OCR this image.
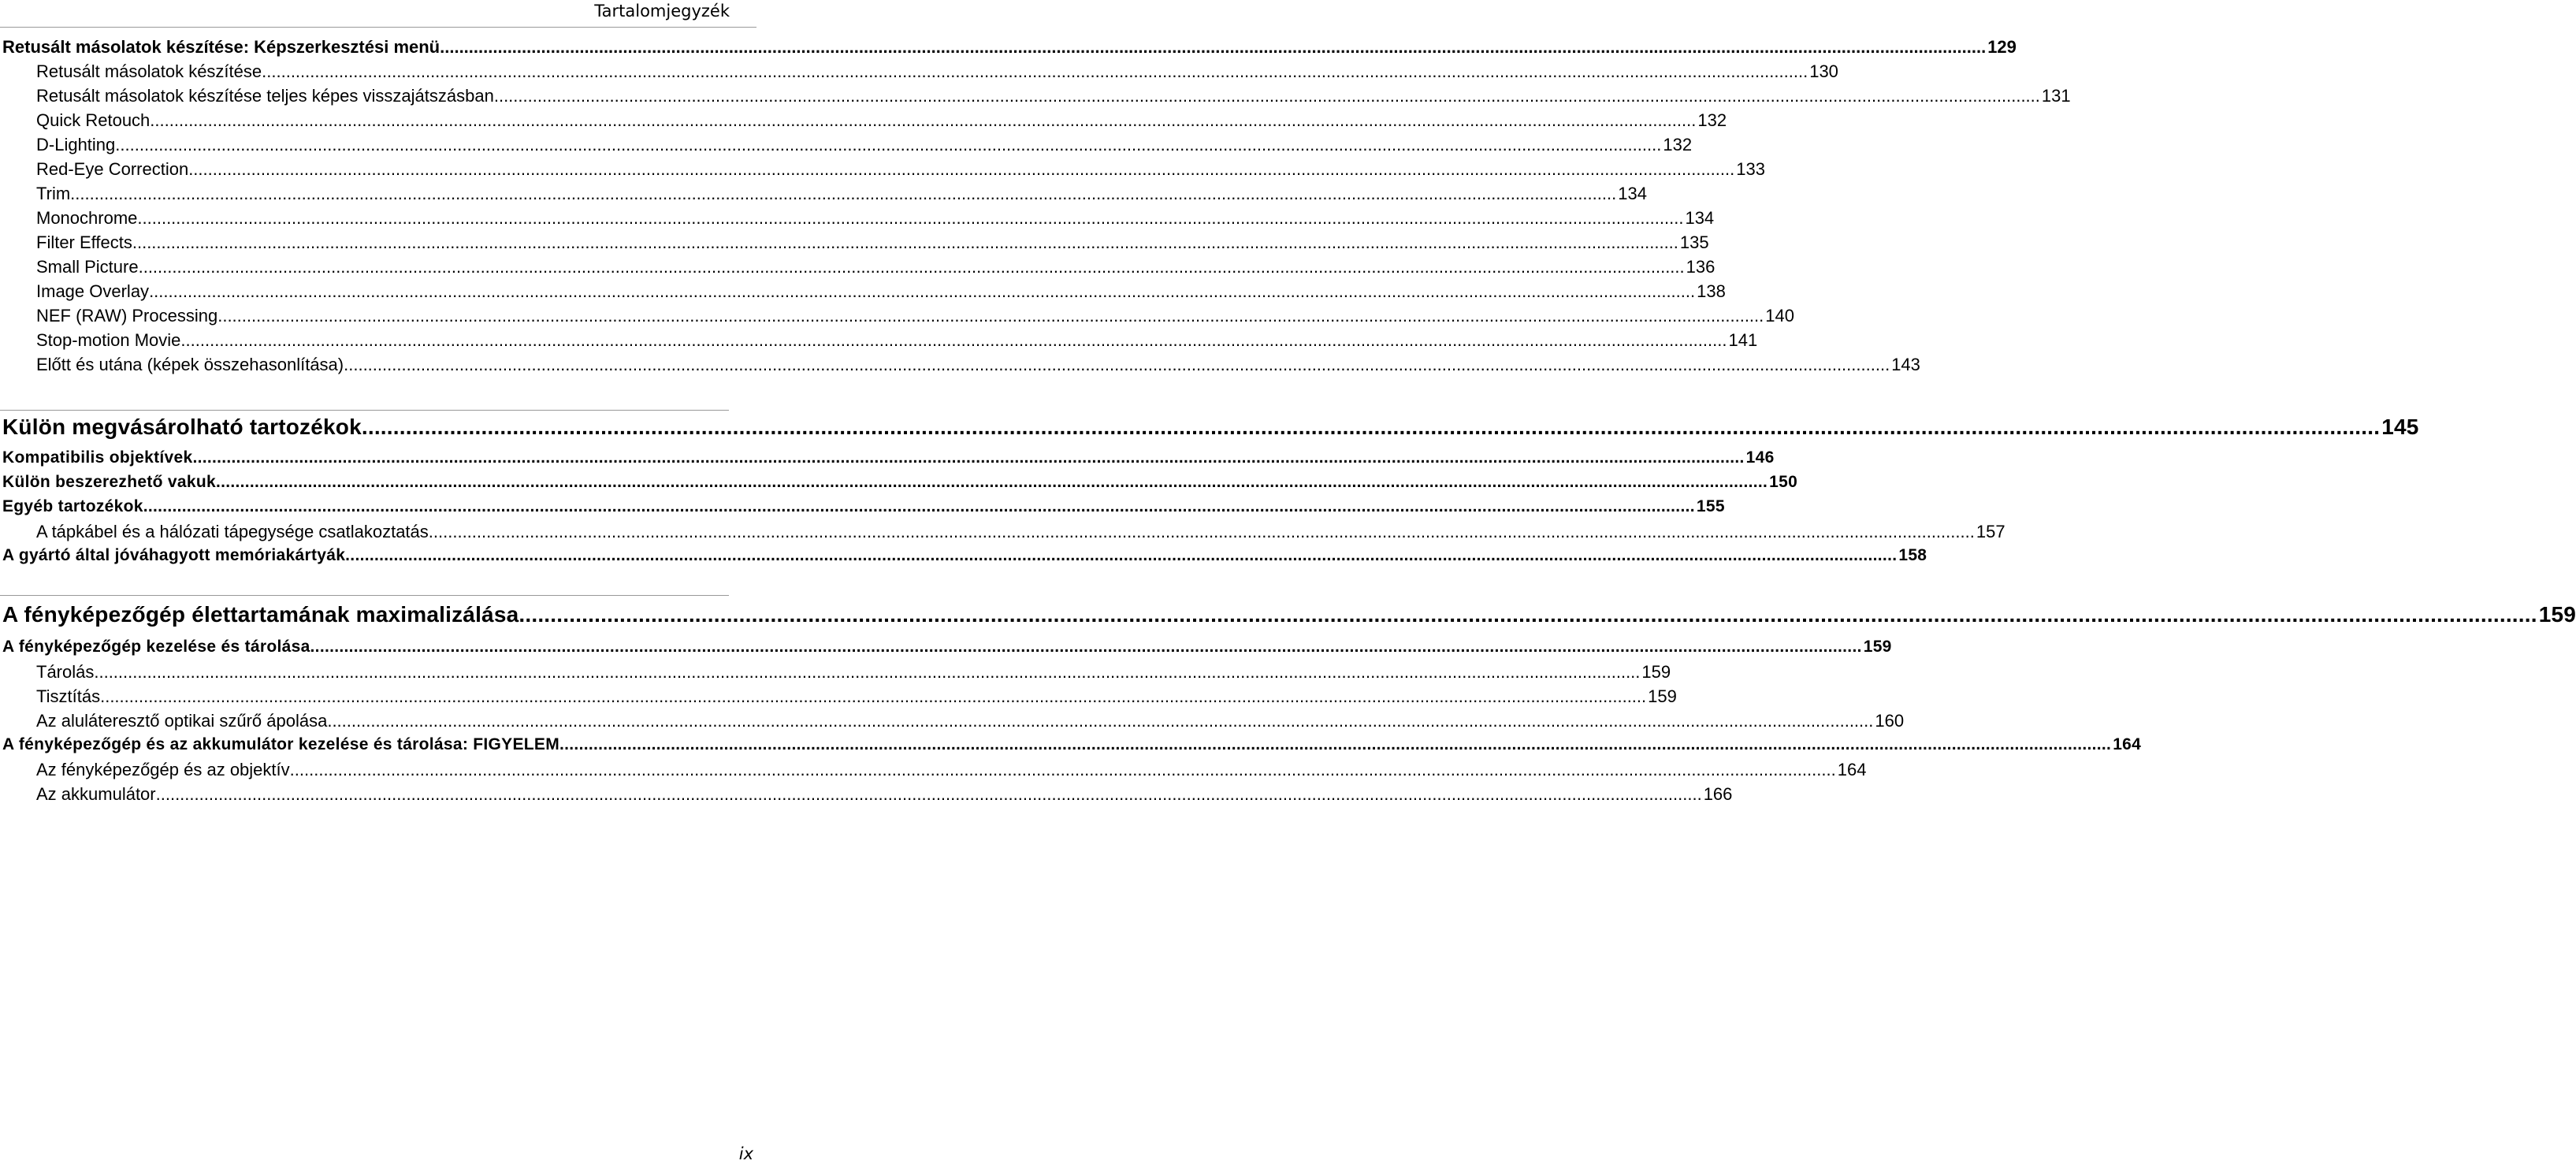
Tartalomjegyzék
Retusált másolatok készítése: Képszerkesztési menü .....	129
Retusált másolatok készítése .....	130
Retusált másolatok készítése teljes képes visszajátszásban .....	131
Quick Retouch .....	132
D-Lighting .....	132
Red-Eye Correction .....	133
Trim .....	134
Monochrome .....	134
Filter Effects .....	135
Small Picture .....	136
Image Overlay .....	138
NEF (RAW) Processing .....	140
Stop-motion Movie .....	141
Előtt és utána (képek összehasonlítása) .....	143
Külön megvásárolható tartozékok .....	145
Kompatibilis objektívek .....	146
Külön beszerezhető vakuk .....	150
Egyéb tartozékok .....	155
A tápkábel és a hálózati tápegysége csatlakoztatás .....	157
A gyártó által jóváhagyott memóriakártyák .....	158
A fényképezőgép élettartamának maximalizálása .....	159
A fényképezőgép kezelése és tárolása .....	159
Tárolás .....	159
Tisztítás .....	159
Az aluláteresztő optikai szűrő ápolása .....	160
A fényképezőgép és az akkumulátor kezelése és tárolása: FIGYELEM .....	164
Az fényképezőgép és az objektív .....	164
Az akkumulátor .....	166
ix
